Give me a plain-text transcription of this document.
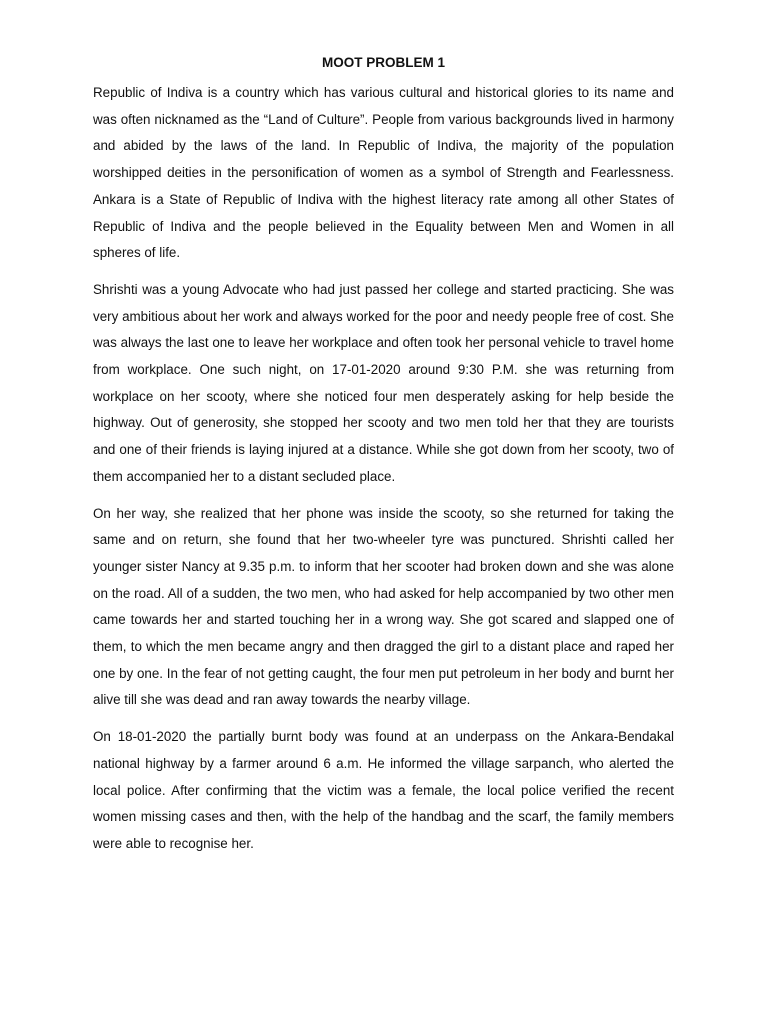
MOOT PROBLEM 1

Republic of Indiva is a country which has various cultural and historical glories to its name and was often nicknamed as the “Land of Culture”. People from various backgrounds lived in harmony and abided by the laws of the land. In Republic of Indiva, the majority of the population worshipped deities in the personification of women as a symbol of Strength and Fearlessness. Ankara is a State of Republic of Indiva with the highest literacy rate among all other States of Republic of Indiva and the people believed in the Equality between Men and Women in all spheres of life.

Shrishti was a young Advocate who had just passed her college and started practicing. She was very ambitious about her work and always worked for the poor and needy people free of cost. She was always the last one to leave her workplace and often took her personal vehicle to travel home from workplace. One such night, on 17-01-2020 around 9:30 P.M. she was returning from workplace on her scooty, where she noticed four men desperately asking for help beside the highway. Out of generosity, she stopped her scooty and two men told her that they are tourists and one of their friends is laying injured at a distance. While she got down from her scooty, two of them accompanied her to a distant secluded place.

On her way, she realized that her phone was inside the scooty, so she returned for taking the same and on return, she found that her two-wheeler tyre was punctured. Shrishti called her younger sister Nancy at 9.35 p.m. to inform that her scooter had broken down and she was alone on the road. All of a sudden, the two men, who had asked for help accompanied by two other men came towards her and started touching her in a wrong way. She got scared and slapped one of them, to which the men became angry and then dragged the girl to a distant place and raped her one by one. In the fear of not getting caught, the four men put petroleum in her body and burnt her alive till she was dead and ran away towards the nearby village.

On 18-01-2020 the partially burnt body was found at an underpass on the Ankara-Bendakal national highway by a farmer around 6 a.m. He informed the village sarpanch, who alerted the local police. After confirming that the victim was a female, the local police verified the recent women missing cases and then, with the help of the handbag and the scarf, the family members were able to recognise her.
